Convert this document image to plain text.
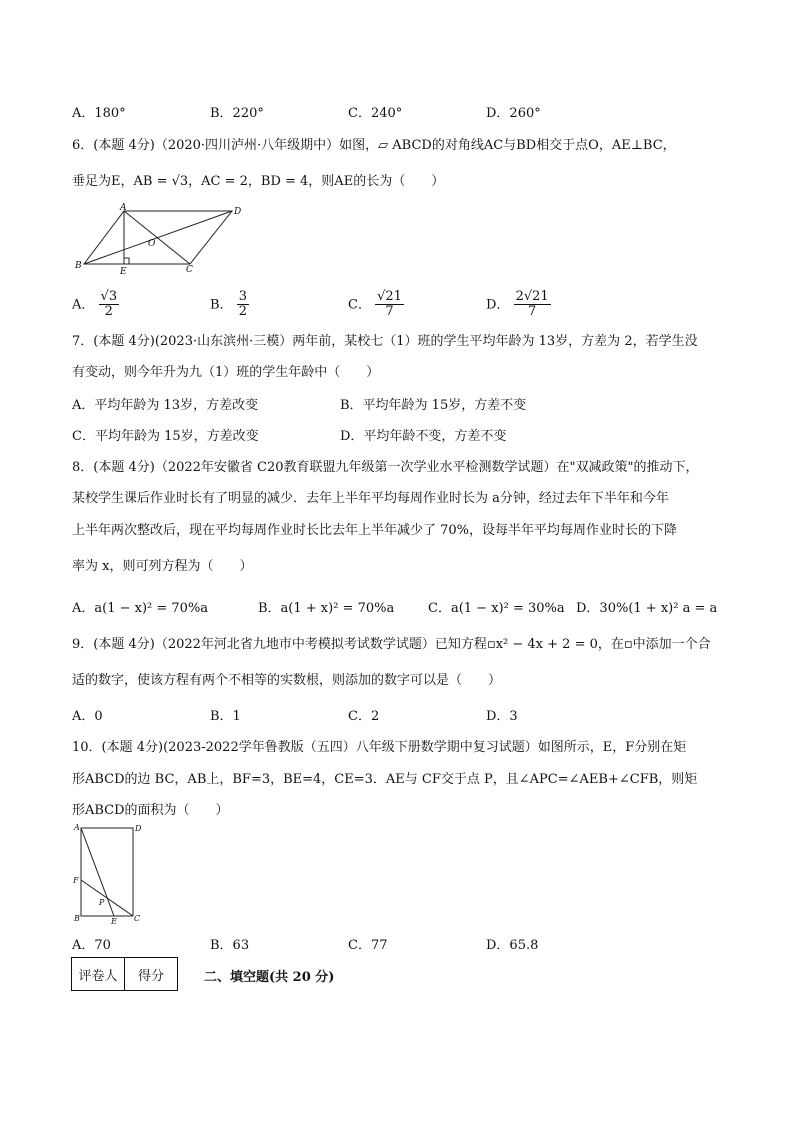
A．180°	B．220°	C．240°	D．260°
6．(本题 4分)（2020·四川泸州·八年级期中）如图，▱ ABCD的对角线AC与BD相交于点O，AE⊥BC，
垂足为E，AB = √3，AC = 2，BD = 4，则AE的长为（　　）
A	D
O
B
E	C
A． $\frac{√3}{2}$	B． $\frac{3}{2}$	C． $\frac{√21}{7}$	D． $\frac{2√21}{7}$
7．(本题 4分)(2023·山东滨州·三模）两年前，某校七（1）班的学生平均年龄为 13岁，方差为 2，若学生没
有变动，则今年升为九（1）班的学生年龄中（　　）
A．平均年龄为 13岁，方差改变	B．平均年龄为 15岁，方差不变
C．平均年龄为 15岁，方差改变	D．平均年龄不变，方差不变
8．(本题 4分)（2022年安徽省 C20教育联盟九年级第一次学业水平检测数学试题）在"双减政策"的推动下，
某校学生课后作业时长有了明显的减少．去年上半年平均每周作业时长为 a分钟，经过去年下半年和今年
上半年两次整改后，现在平均每周作业时长比去年上半年减少了 70%，设每半年平均每周作业时长的下降
率为 x，则可列方程为（　　）
A．a(1 − x)² = 70%a	B．a(1 + x)² = 70%a	C．a(1 − x)² = 30%a D．30%(1 + x)² a = a
9．(本题 4分)（2022年河北省九地市中考模拟考试数学试题）已知方程▫x² − 4x + 2 = 0，在▫中添加一个合
适的数字，使该方程有两个不相等的实数根，则添加的数字可以是（　　）
A．0	B．1	C．2	D．3
10．(本题 4分)(2023-2022学年鲁教版（五四）八年级下册数学期中复习试题）如图所示，E，F分别在矩
形ABCD的边 BC，AB上，BF=3，BE=4，CE=3．AE与 CF交于点 P，且∠APC=∠AEB+∠CFB，则矩
形ABCD的面积为（　　）
A	D
F
P
B	E C
A．70	B．63	C．77	D．65.8
评卷人	得分		二、填空题(共 20 分)
